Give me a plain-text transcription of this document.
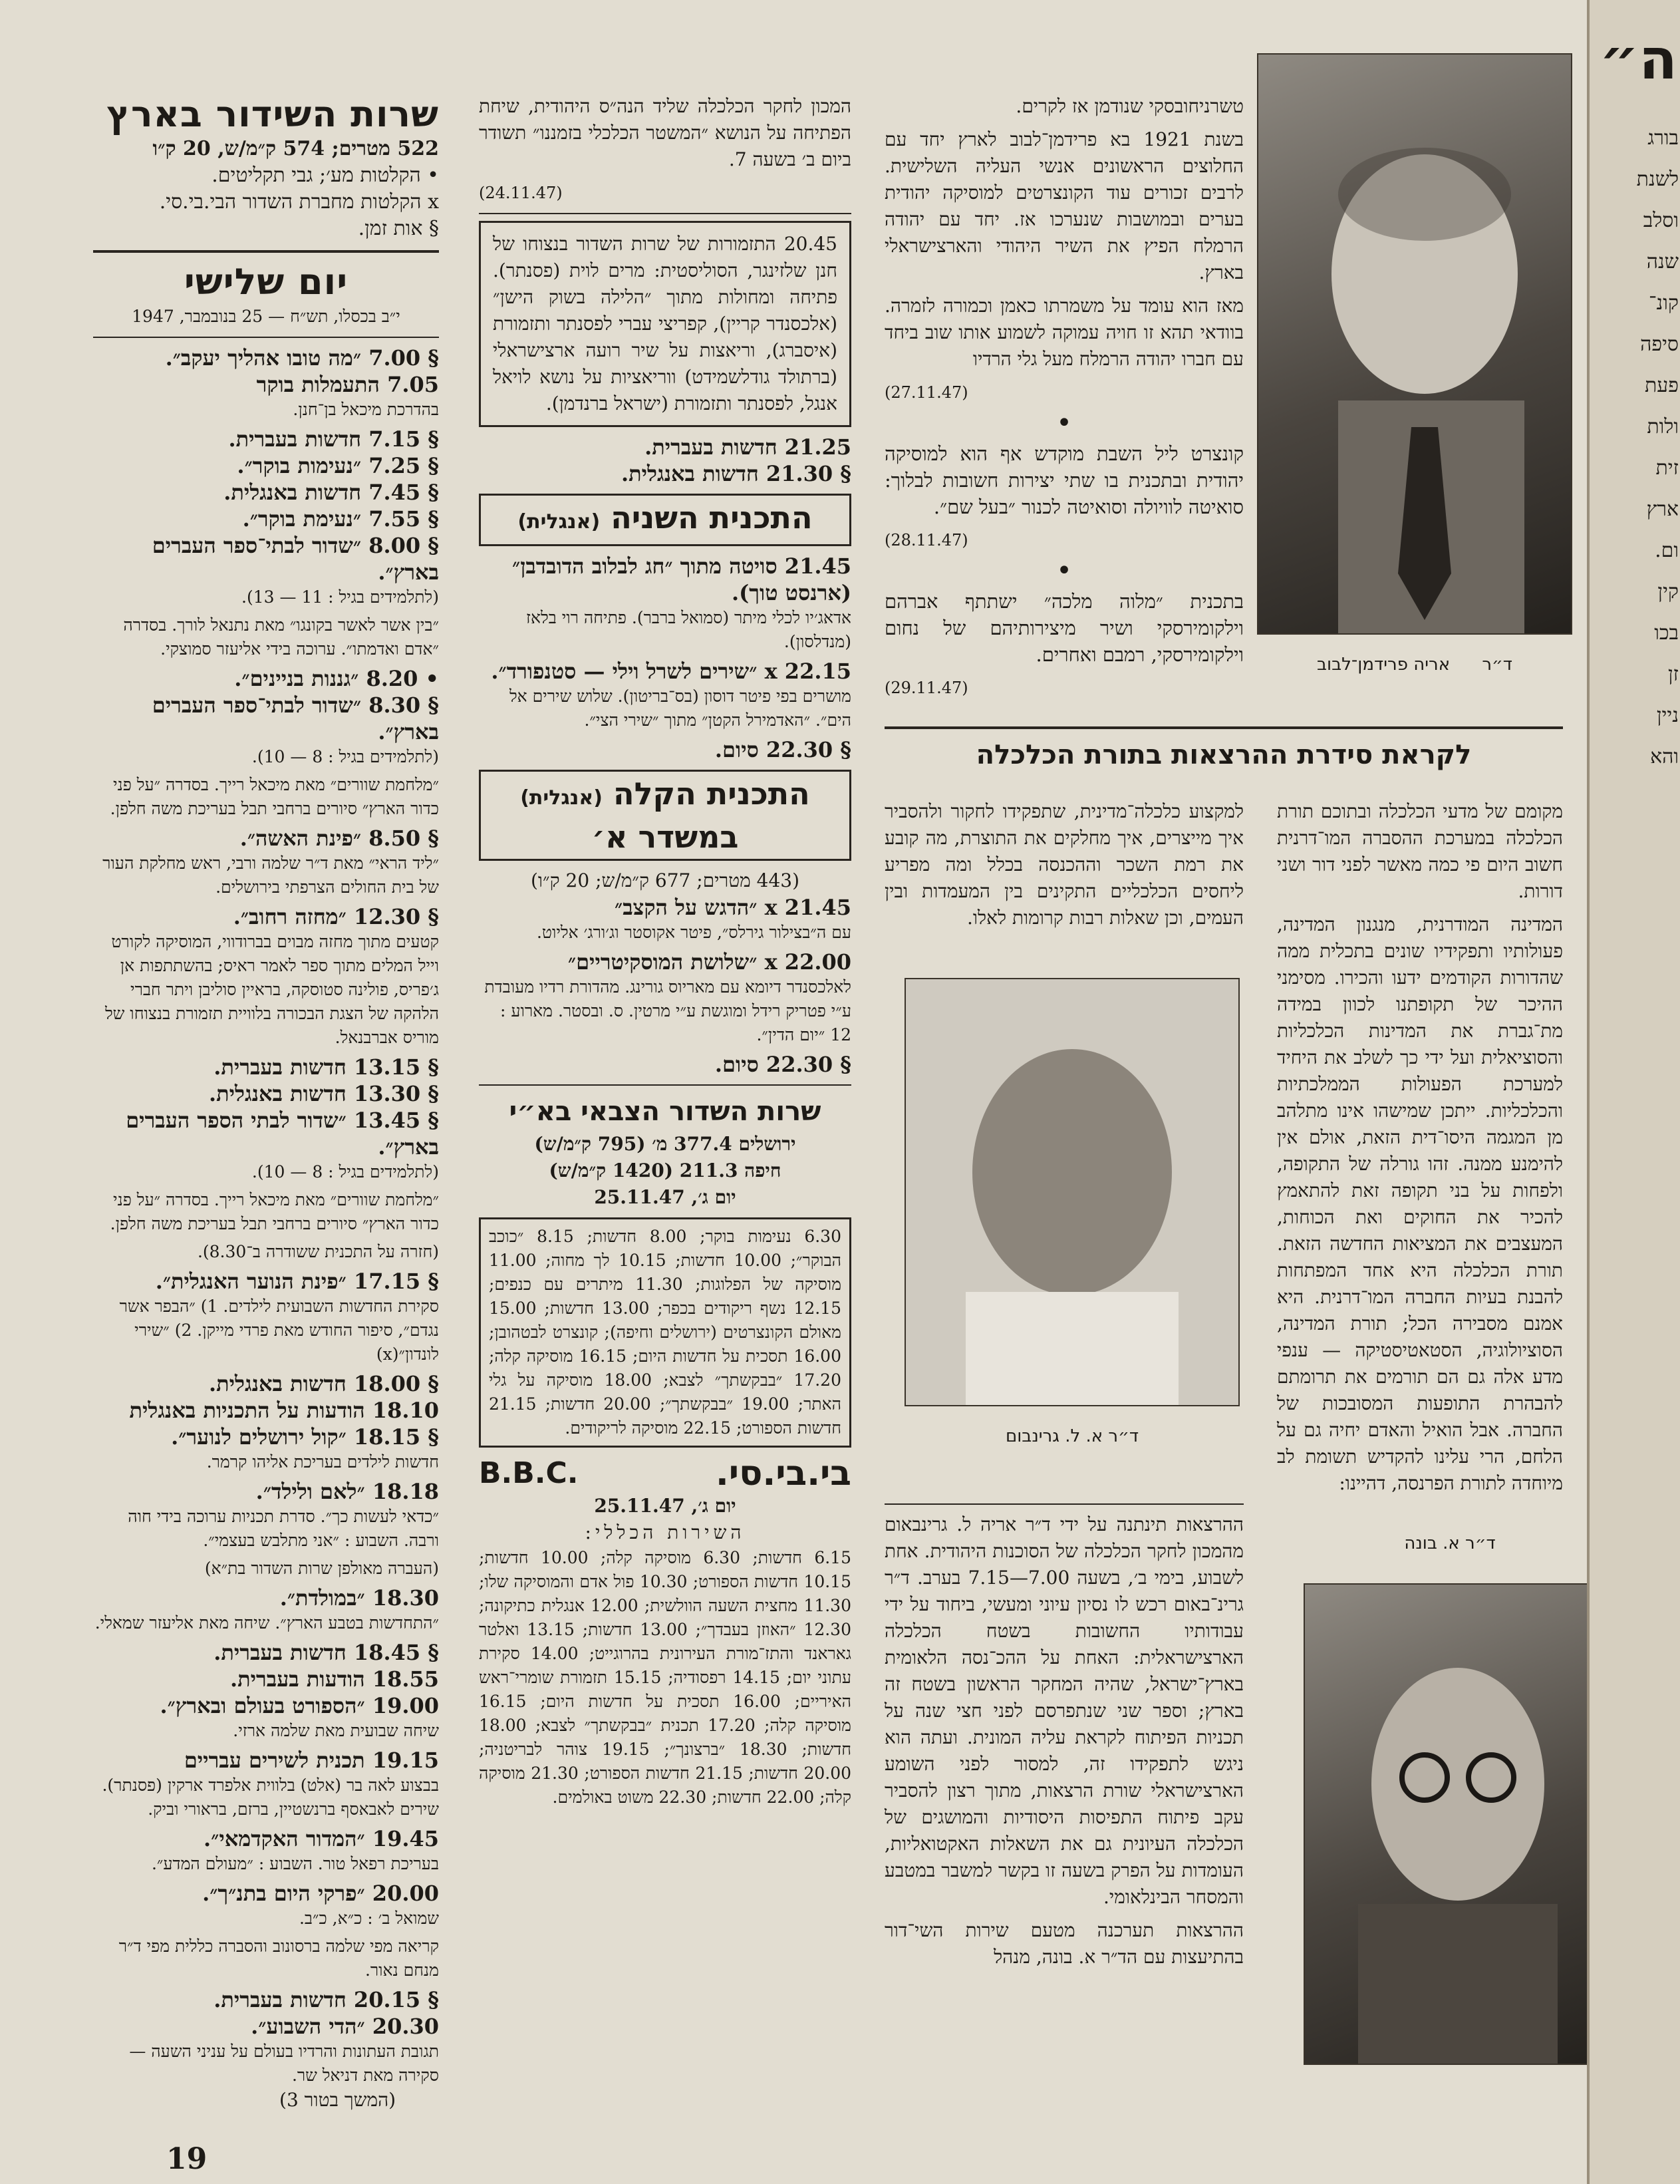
שרות השידור בארץ
522 מטרים; 574 ק״מ/ש, 20 ק״ו
• הקלטות מע׳; גבי תקליטים.
x הקלטות מחברת השדור הבי.בי.סי.
§ אות זמן.
יום שלישי
י״ב בכסלו, תש״ח — 25 בנובמבר, 1947
§ 7.00 ״מה טובו אהליך יעקב״.
7.05 התעמלות בוקר
בהדרכת מיכאל בן־חנן.
§ 7.15 חדשות בעברית.
§ 7.25 ״נעימות בוקר״.
§ 7.45 חדשות באנגלית.
§ 7.55 ״נעימת בוקר״.
§ 8.00 ״שדור לבתי־ספר העברים בארץ״.
(לתלמידים בגיל : 11 — 13).
״בין אשר לאשר בקונגו״ מאת נתנאל לורך. בסדרה ״אדם ואדמתו״. ערוכה בידי אליעזר סמוצקי.
• 8.20 ״גננות בניינים״.
§ 8.30 ״שדור לבתי־ספר העברים בארץ״.
(לתלמידים בגיל : 8 — 10).
״מלחמת שוורים״ מאת מיכאל רייך. בסדרה ״על פני כדור הארץ״ סיורים ברחבי תבל בעריכת משה חלפן.
§ 8.50 ״פינת האשה״.
״ליד הראי״ מאת ד״ר שלמה ורבי, ראש מחלקת העור של בית החולים הצרפתי בירושלים.
§ 12.30 ״מחזה רחוב״.
קטעים מתוך מחזה מבוים בברודווי, המוסיקה לקורט וייל המלים מתוך ספר לאמר ראיס; בהשתתפות אן ג׳פריס, פולינה סטוסקה, בראיין סוליבן ויתר חברי הלהקה של הצגת הבכורה בלוויית תזמורת בנצוחו של מוריס אברבנאל.
§ 13.15 חדשות בעברית.
§ 13.30 חדשות באנגלית.
§ 13.45 ״שדור לבתי הספר העברים בארץ״.
(לתלמידים בגיל : 8 — 10).
״מלחמת שוורים״ מאת מיכאל רייך. בסדרה ״על פני כדור הארץ״ סיורים ברחבי תבל בעריכת משה חלפן.
(חזרה על התכנית ששודרה ב־8.30).
§ 17.15 ״פינת הנוער האנגלית״.
סקירת החדשות השבועית לילדים. 1) ״הבפר אשר נגדם״, סיפור החודש מאת פרדי מייקן. 2) ״שירי לונדון״(x)
§ 18.00 חדשות באנגלית.
18.10 הודעות על התכניות באנגלית
§ 18.15 ״קול ירושלים לנוער״.
חדשות לילדים בעריכת אליהו קרמר.
18.18 ״לאם ולילד״.
״כדאי לעשות כך״. סדרת תכניות ערוכה בידי חוה ורבה. השבוע : ״אני מתלבש בעצמי״.
(העברה מאולפן שרות השדור בת״א)
18.30 ״במולדת״.
״התחדשות בטבע הארץ״. שיחה מאת אליעזר שמאלי.
§ 18.45 חדשות בעברית.
18.55 הודעות בעברית.
19.00 ״הספורט בעולם ובארץ״.
שיחה שבועית מאת שלמה ארזי.
19.15 תכנית לשירים עבריים
בבצוע לאה בר (אלט) בלווית אלפרד ארקין (פסנתר). שירים לאבאסף ברנשטיין, ברזם, בראורי וביק.
19.45 ״המדור האקדמאי״.
בעריכת רפאל טור. השבוע : ״מעולם המדע״.
20.00 ״פרקי היום בתנ״ך״.
שמואל ב׳ : כ״א, כ״ב.
קריאה מפי שלמה ברסונוב והסברה כללית מפי ד״ר מנחם נאור.
§ 20.15 חדשות בעברית.
20.30 ״הדי השבוע״.
תגובת העתונות והרדיו בעולם על עניני השעה — סקירה מאת דניאל שר.

המכון לחקר הכלכלה שליד הנה״ס היהודית, שיחת הפתיחה על הנושא ״המשטר הכלכלי בזמננו״ תשודר ביום ב׳ בשעה 7.

(24.11.47)

20.45 התזמורות של שרות השדור בנצוחו של חנן שלזינגר, הסוליסטית: מרים לוית (פסנתר). פתיחה ומחולות מתוך ״הלילה בשוק הישן״ (אלכסנדר קריין), קפריצי עברי לפסנתר ותזמורת (איסברג), וריאצות על שיר רועה ארצישראלי (ברתולד גודלשמידט) ווריאציות על נושא לויאל אנגל, לפסנתר ותזמורת (ישראל ברנדמן).

21.25 חדשות בעברית.
§ 21.30 חדשות באנגלית.
התכנית השניה (אנגלית)
21.45 סויטה מתוך ״חג לבלוב הדובדבן״ (ארנסט טוך).
אדאג׳יו לכלי מיתר (סמואל ברבר). פתיחה רוי בלאז (מנדלסון).
22.15 x ״שירים לשרל וילי — סטנפורד״.
מושרים בפי פיטר דוסון (בס־בריטון). שלוש שירים אל הים״. ״האדמירל הקטן״ מתוך ״שירי הצי״.
§ 22.30 סיום.
התכנית הקלה (אנגלית)
במשדר א׳
(443 מטרים; 677 ק״מ/ש; 20 ק״ו)
x 21.45 ״הדגש על הקצב״
עם ה״בצילור גירלס״, פיטר אקוסטר וג׳ורג׳ אליוט.
x 22.00 ״שלושת המוסקיטריים״
לאלכסנדר דיומא עם מאריוס גורינג. מהדורת רדיו מעובדת ע״י פטריק רידל ומוגשת ע״י מרטין. ס. ובסטר. מארוע : 12 ״יום הדין״.
§ 22.30 סיום.
שרות השדור הצבאי בא״י
ירושלים 377.4 מ׳ (795 ק״מ/ש)
חיפה 211.3 (1420 ק״מ/ש)
יום ג׳, 25.11.47

6.30 נעימות בוקר; 8.00 חדשות; 8.15 ״כוכב הבוקר״; 10.00 חדשות; 10.15 לך מחוה; 11.00 מוסיקה של הפלוגות; 11.30 מיתרים עם כנפים; 12.15 נשף ריקודים בכפר; 13.00 חדשות; 15.00 מאולם הקונצרטים (ירושלים וחיפה); קונצרט לבטהובן; 16.00 תסכית על חדשות היום; 16.15 מוסיקה קלה; 17.20 ״בבקשתך״ לצבא; 18.00 מוסיקה על גלי האתר; 19.00 ״בבקשתך״; 20.00 חדשות; 21.15 חדשות הספורט; 22.15 מוסיקה לריקודים.

בי.בי.סי.
B.B.C.
יום ג׳, 25.11.47
השירות הכללי:

6.15 חדשות; 6.30 מוסיקה קלה; 10.00 חדשות; 10.15 חדשות הספורט; 10.30 פול אדם והמוסיקה שלו; 11.30 מחצית השעה הוולשית; 12.00 אנגלית כתיקונה; 12.30 ״האוזן בעבדך״; 13.00 חדשות; 13.15 ואלטר גאראנד והתז־מורת העירונית בהרוגייט; 14.00 סקירת עתוני יום; 14.15 רפסודיה; 15.15 תזמורת שומרי־ראש האיריים; 16.00 תסכית על חדשות היום; 16.15 מוסיקה קלה; 17.20 תכנית ״בבקשתך״ לצבא; 18.00 חדשות; 18.30 ״ברצונך״; 19.15 צוהר לבריטניה; 20.00 חדשות; 21.15 חדשות הספורט; 21.30 מוסיקה קלה; 22.00 חדשות; 22.30 משוט באולמים.

טשרניחובסקי שנודמן אז לקרים.

בשנת 1921 בא פרידמן־לבוב לארץ יחד עם החלוצים הראשונים אנשי העליה השלישית. לרבים זכורים עוד הקונצרטים למוסיקה יהודית בערים ובמושבות שנערכו אז. יחד עם יהודה הרמלח הפיץ את השיר היהודי והארצישראלי בארץ.

מאז הוא עומד על משמרתו כאמן וכמורה לזמרה. בוודאי תהא זו חויה עמוקה לשמוע אותו שוב ביחד עם חברו יהודה הרמלח מעל גלי הרדיו

(27.11.47)
•

קונצרט ליל השבת מוקדש אף הוא למוסיקה יהודית ובתכנית בו שתי יצירות חשובות לבלוך: סואיטה לוויולה וסואיטה לכנור ״בעל שם״.

(28.11.47)
•

בתכנית ״מלוה מלכה״ ישתתף אברהם וילקומירסקי ושיר מיצירותיהם של נחום וילקומירסקי, רמבם ואחרים.

(29.11.47)
לקראת סידרת ההרצאות בתורת הכלכלה

למקצוע כלכלה־מדינית, שתפקידו לחקור ולהסביר איך מייצרים, איך מחלקים את התוצרת, מה קובע את רמת השכר וההכנסה בכלל ומה מפריע ליחסים הכלכליים התקינים בין המעמדות ובין העמים, וכן שאלות רבות קרומות לאלו.

ההרצאות תינתנה על ידי ד״ר אריה ל. גרינבאום מהמכון לחקר הכלכלה של הסוכנות היהודית. אחת לשבוע, בימי ב׳, בשעה 7.00—7.15 בערב. ד״ר גרינ־באום רכש לו נסיון עיוני ומעשי, ביחוד על ידי עבודותיו החשובות בשטח הכלכלה הארצישראלית: האחת על ההכ־נסה הלאומית בארץ־ישראל, שהיה המחקר הראשון בשטח זה בארץ; וספר שני שנתפרסם לפני חצי שנה על תכניות הפיתוח לקראת עליה המונית. ועתה הוא ניגש לתפקידו זה, למסור לפני השומע הארצישראלי שורת הרצאות, מתוך רצון להסביר עקב פיתוח התפיסות היסודיות והמושגים של הכלכלה העיונית גם את השאלות האקטואליות, העומדות על הפרק בשעה זו בקשר למשבר במטבע והמסחר הבינלאומי.

ההרצאות תערכנה מטעם שירות השי־דור בהתיעצות עם הד״ר א. בונה, מנהל

מקומם של מדעי הכלכלה ובתוכם תורת הכלכלה במערכת ההסברה המו־דרנית חשוב היום פי כמה מאשר לפני דור ושני דורות.

המדינה המודרנית, מנגנון המדינה, פעולותיו ותפקידיו שונים בתכלית ממה שהדורות הקודמים ידעו והכירו. מסימני ההיכר של תקופתנו לכוון במידה מת־גברת את המדינות הכלכליות והסוציאלית ועל ידי כך לשלב את היחיד למערכת הפעולות הממלכתיות והכלכליות. ייתכן שמישהו אינו מתלהב מן המגמה היסו־דית הזאת, אולם אין להימנע ממנה. זהו גורלה של התקופה, ולפחות על בני תקופה זאת להתאמץ להכיר את החוקים ואת הכוחות, המעצבים את המציאות החדשה הזאת. תורת הכלכלה היא אחד המפתחות להבנת בעיות החברה המו־דרנית. היא אמנם מסבירה הכל; תורת המדינה, הסוציולוגיה, הסטאטיסטיקה — ענפי מדע אלה גם הם תורמים את תרומתם להבהרת התופעות המסובכות של החברה. אבל הואיל והאדם יחיה גם על הלחם, הרי עלינו להקדיש תשומת לב מיוחדה לתורת הפרנסה, דהיינו:

ד״ר אריה פרידמן־לבוב
ד״ר א. ל. גרינבום
ד״ר א. בונה
(המשך בטור 3)
19
ה״
בורג
לשנת
וסלב
שנה
קונ־
סיפה
פעת
ולות
זית
ארץ
ום.
קין
בכו
זן
ניין
והא
